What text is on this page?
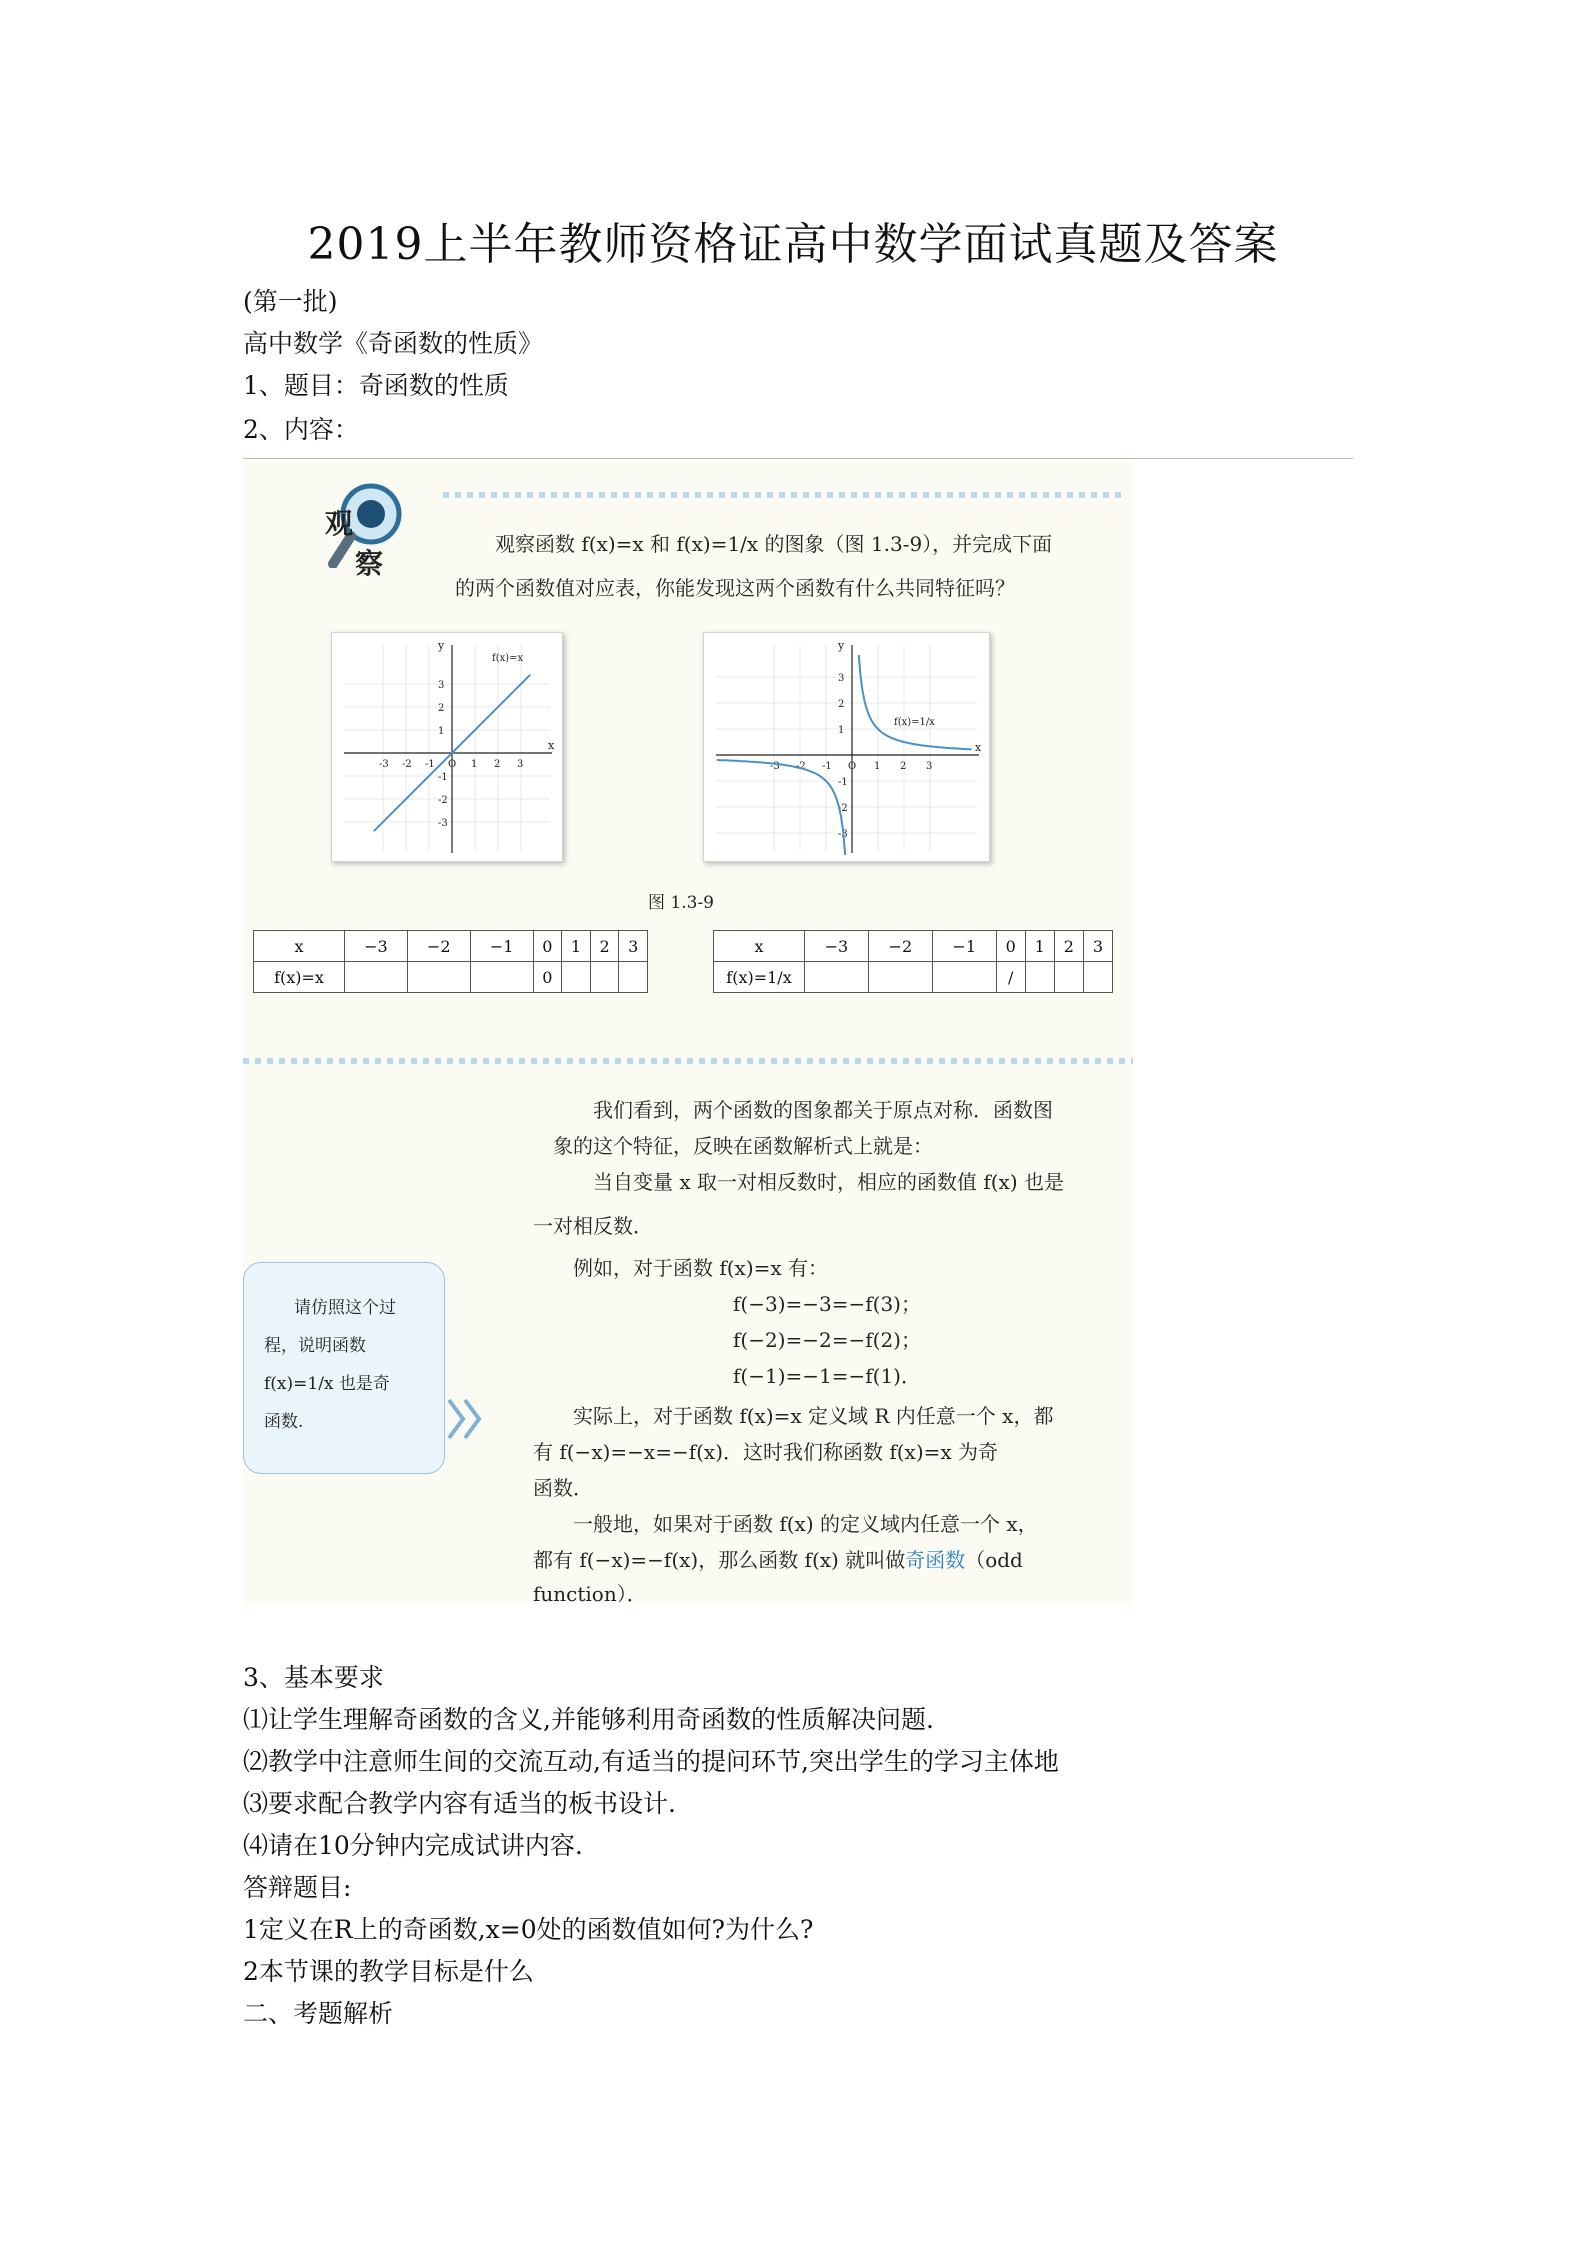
2019上半年教师资格证高中数学面试真题及答案
(第一批)
高中数学《奇函数的性质》
1、题目：奇函数的性质
2、内容：
观
察
观察函数 f(x)=x 和 f(x)=1/x 的图象（图 1.3-9），并完成下面
的两个函数值对应表，你能发现这两个函数有什么共同特征吗？
x
y
-3 -2 -1 O 1 2 3
3
2
1
-1
-2
-3
f(x)=x
x
y
-3 -2 -1 O 1 2 3
3
2
1
-1
-2
-3
f(x)=1/x
图 1.3-9
x	−3	−2	−1	0	1	2	3
f(x)=x				0			
x	−3	−2	−1	0	1	2	3
f(x)=1/x				/			
我们看到，两个函数的图象都关于原点对称．函数图
象的这个特征，反映在函数解析式上就是：
当自变量 x 取一对相反数时，相应的函数值 f(x) 也是
一对相反数．
例如，对于函数 f(x)=x 有：
f(−3)=−3=−f(3)；
f(−2)=−2=−f(2)；
f(−1)=−1=−f(1)．
实际上，对于函数 f(x)=x 定义域 R 内任意一个 x，都
有 f(−x)=−x=−f(x)．这时我们称函数 f(x)=x 为奇
函数．
一般地，如果对于函数 f(x) 的定义域内任意一个 x，
都有 f(−x)=−f(x)，那么函数 f(x) 就叫做奇函数（odd
function）．
请仿照这个过
程，说明函数
f(x)=1/x 也是奇
函数.
3、基本要求
⑴让学生理解奇函数的含义,并能够利用奇函数的性质解决问题.
⑵教学中注意师生间的交流互动,有适当的提问环节,突出学生的学习主体地
⑶要求配合教学内容有适当的板书设计.
⑷请在10分钟内完成试讲内容.
答辩题目:
1定义在R上的奇函数,x=0处的函数值如何?为什么?
2本节课的教学目标是什么
二、考题解析
